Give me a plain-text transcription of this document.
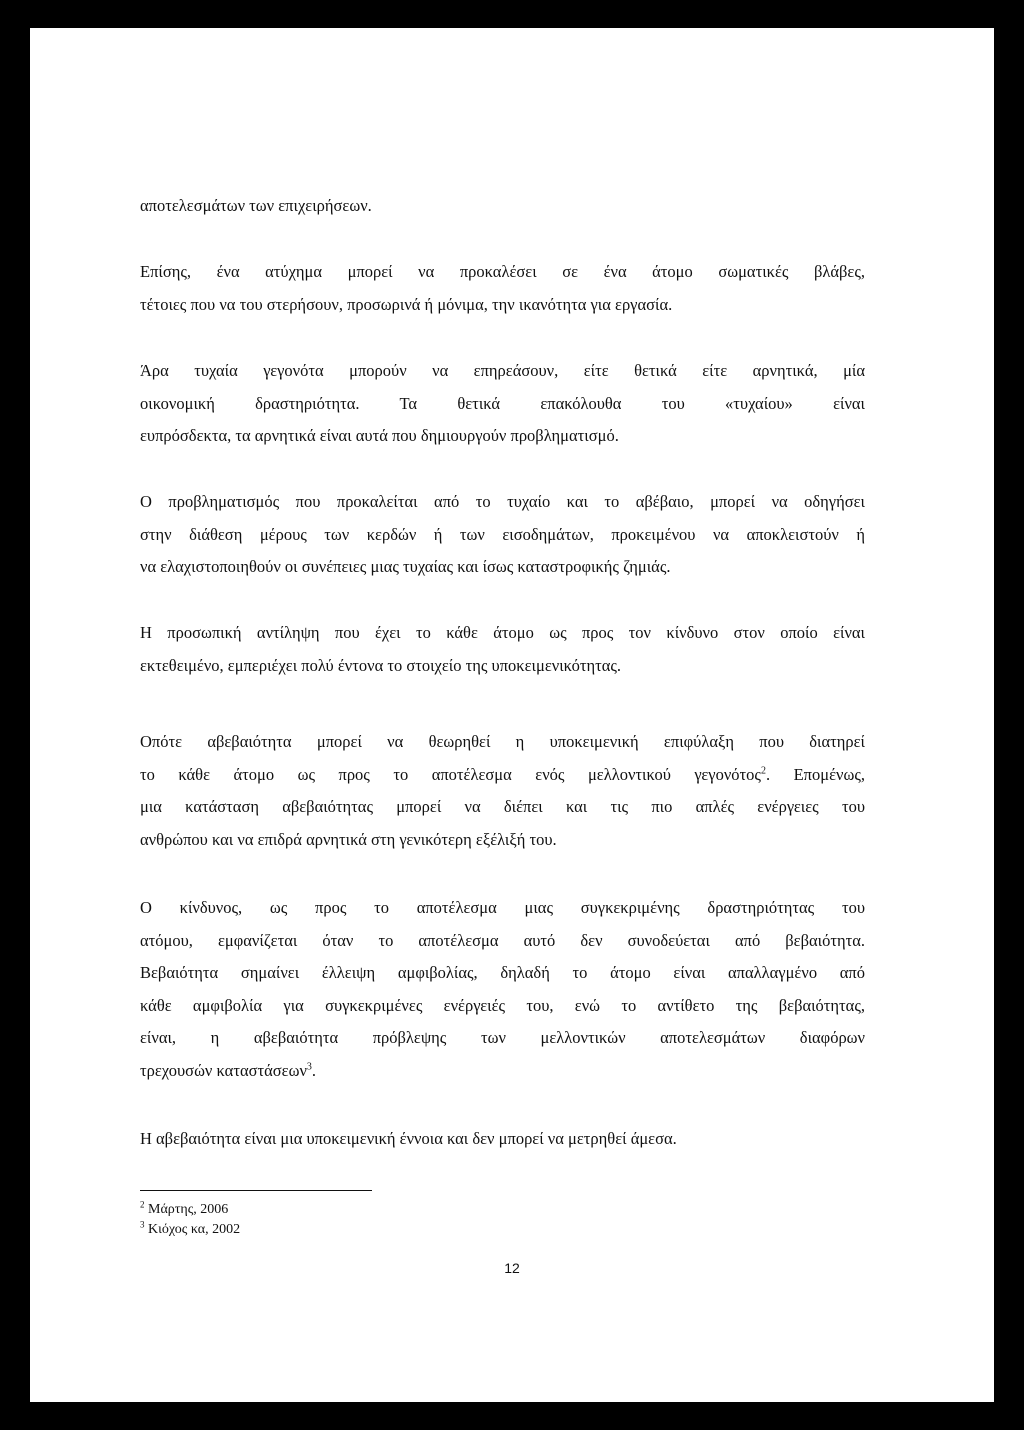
αποτελεσμάτων των επιχειρήσεων.

Επίσης, ένα ατύχημα μπορεί να προκαλέσει σε ένα άτομο σωματικές βλάβες,
τέτοιες που να του στερήσουν, προσωρινά ή μόνιμα, την ικανότητα για εργασία.

Άρα τυχαία γεγονότα μπορούν να επηρεάσουν, είτε θετικά είτε αρνητικά, μία
οικονομική δραστηριότητα. Τα θετικά επακόλουθα του «τυχαίου» είναι
ευπρόσδεκτα, τα αρνητικά είναι αυτά που δημιουργούν προβληματισμό.

Ο προβληματισμός που προκαλείται από το τυχαίο και το αβέβαιο, μπορεί να οδηγήσει
στην διάθεση μέρους των κερδών ή των εισοδημάτων, προκειμένου να αποκλειστούν ή
να ελαχιστοποιηθούν οι συνέπειες μιας τυχαίας και ίσως καταστροφικής ζημιάς.

Η προσωπική αντίληψη που έχει το κάθε άτομο ως προς τον κίνδυνο στον οποίο είναι
εκτεθειμένο, εμπεριέχει πολύ έντονα το στοιχείο της υποκειμενικότητας.

Οπότε αβεβαιότητα μπορεί να θεωρηθεί η υποκειμενική επιφύλαξη που διατηρεί
το κάθε άτομο ως προς το αποτέλεσμα ενός μελλοντικού γεγονότος$^2$. Επομένως,
μια κατάσταση αβεβαιότητας μπορεί να διέπει και τις πιο απλές ενέργειες του
ανθρώπου και να επιδρά αρνητικά στη γενικότερη εξέλιξή του.

Ο κίνδυνος, ως προς το αποτέλεσμα μιας συγκεκριμένης δραστηριότητας του
ατόμου, εμφανίζεται όταν το αποτέλεσμα αυτό δεν συνοδεύεται από βεβαιότητα.
Βεβαιότητα σημαίνει έλλειψη αμφιβολίας, δηλαδή το άτομο είναι απαλλαγμένο από
κάθε αμφιβολία για συγκεκριμένες ενέργειές του, ενώ το αντίθετο της βεβαιότητας,
είναι, η αβεβαιότητα πρόβλεψης των μελλοντικών αποτελεσμάτων διαφόρων
τρεχουσών καταστάσεων$^3$.

Η αβεβαιότητα είναι μια υποκειμενική έννοια και δεν μπορεί να μετρηθεί άμεσα.

$^2$ Μάρτης, 2006
$^3$ Κιόχος κα, 2002
12
